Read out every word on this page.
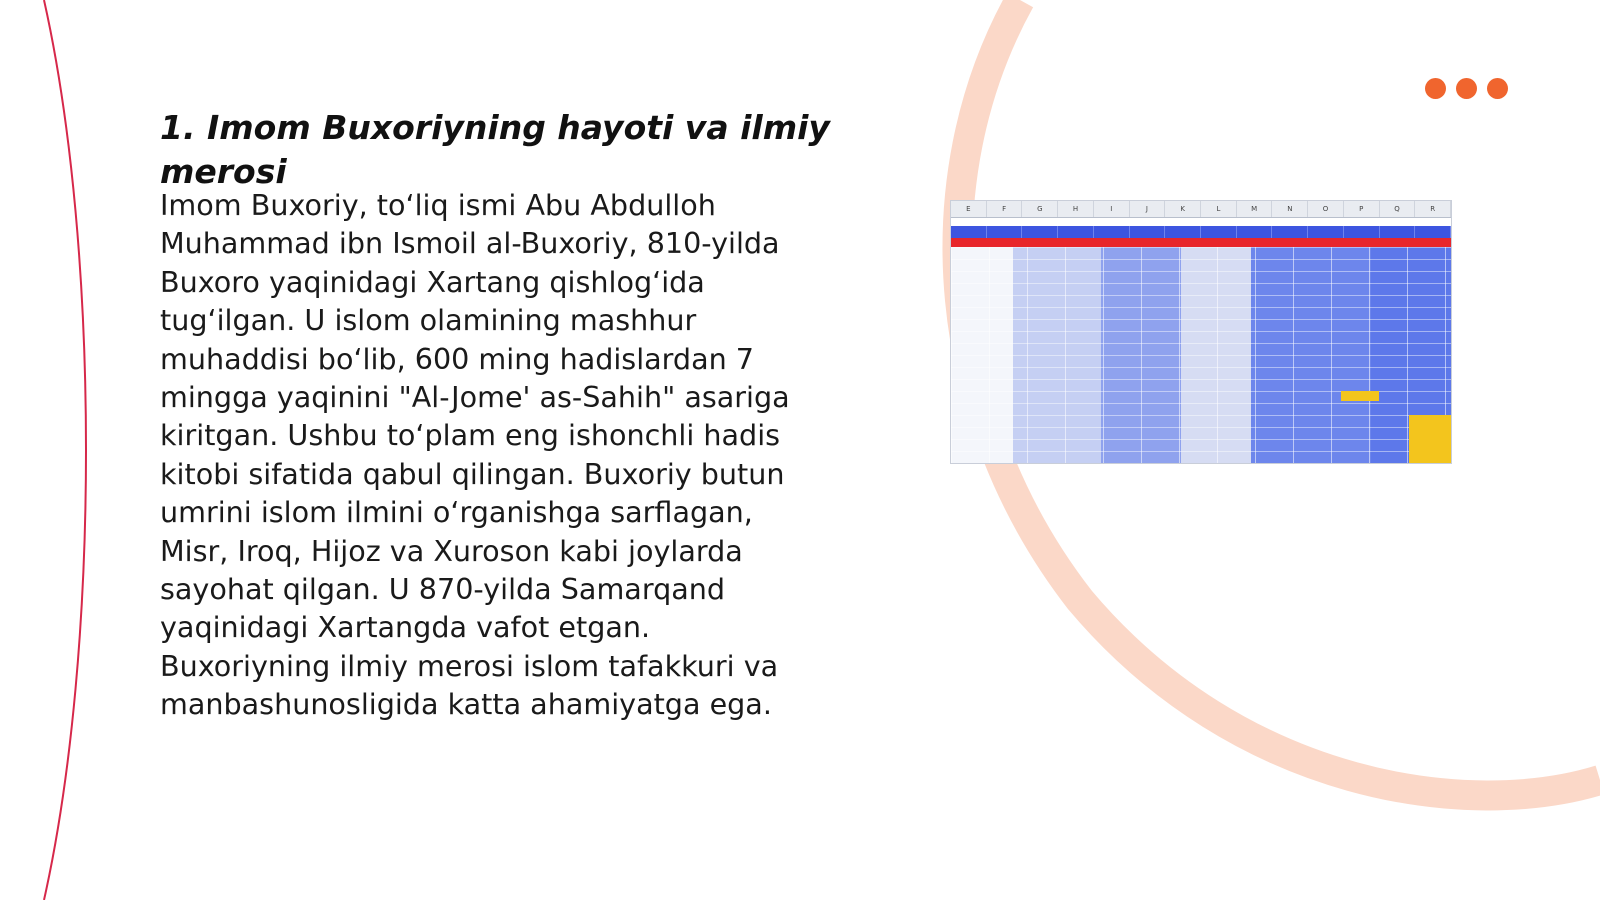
1. Imom Buxoriyning hayoti va ilmiy merosi

Imom Buxoriy, to‘liq ismi Abu Abdulloh Muhammad ibn Ismoil al-Buxoriy, 810-yilda Buxoro yaqinidagi Xartang qishlog‘ida tug‘ilgan. U islom olamining mashhur muhaddisi bo‘lib, 600 ming hadislardan 7 mingga yaqinini "Al-Jome' as-Sahih" asariga kiritgan. Ushbu to‘plam eng ishonchli hadis kitobi sifatida qabul qilingan. Buxoriy butun umrini islom ilmini o‘rganishga sarflagan, Misr, Iroq, Hijoz va Xuroson kabi joylarda sayohat qilgan. U 870-yilda Samarqand yaqinidagi Xartangda vafot etgan. Buxoriyning ilmiy merosi islom tafakkuri va manbashunosligida katta ahamiyatga ega.

E	F	G	H	I	J	K	L	M	N	O	P	Q	R
